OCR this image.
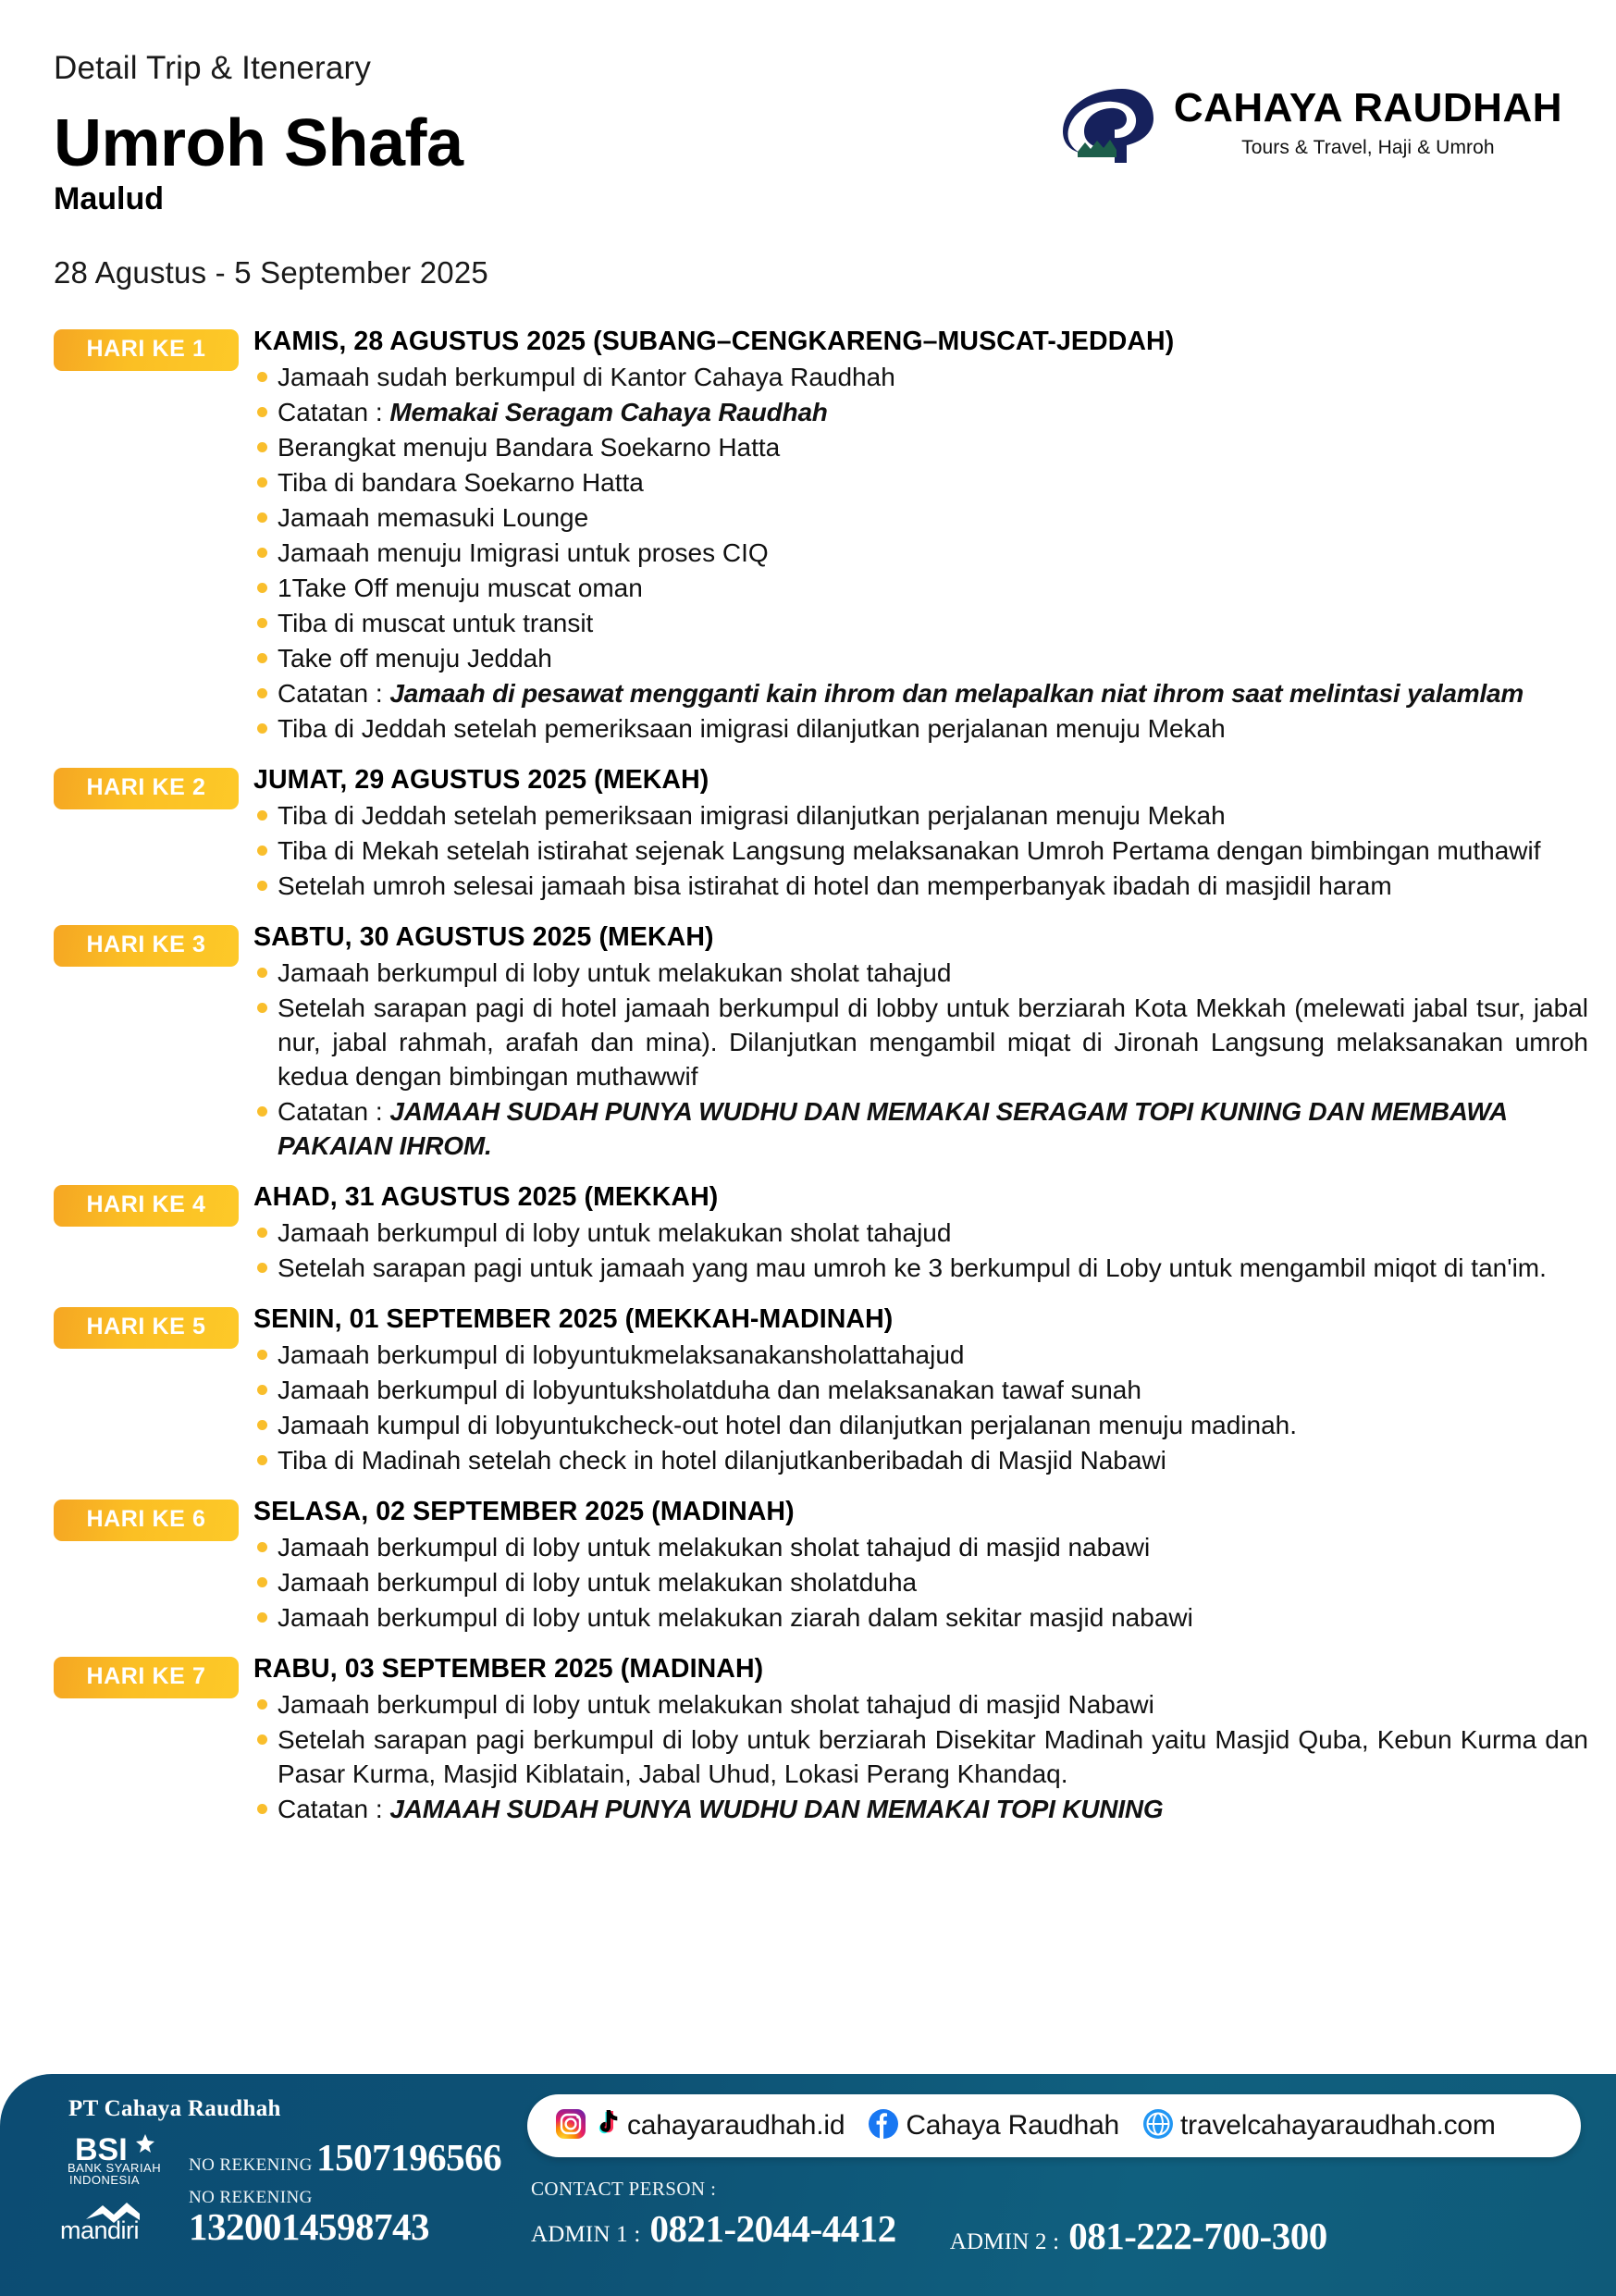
Detail Trip & Itenerary
Umroh Shafa
Maulud
28 Agustus - 5 September 2025
CAHAYA RAUDHAH
Tours & Travel, Haji & Umroh
HARI KE 1	KAMIS, 28 AGUSTUS 2025 (SUBANG–CENGKARENG–MUSCAT-JEDDAH)
Jamaah sudah berkumpul di Kantor Cahaya Raudhah
Catatan : Memakai Seragam Cahaya Raudhah
Berangkat menuju Bandara Soekarno Hatta
Tiba di bandara Soekarno Hatta
Jamaah memasuki Lounge
Jamaah menuju Imigrasi untuk proses CIQ
1Take Off menuju muscat oman
Tiba di muscat untuk transit
Take off menuju Jeddah
Catatan : Jamaah di pesawat mengganti kain ihrom dan melapalkan niat ihrom saat melintasi yalamlam
Tiba di Jeddah setelah pemeriksaan imigrasi dilanjutkan perjalanan menuju Mekah
HARI KE 2	JUMAT, 29 AGUSTUS 2025 (MEKAH)
Tiba di Jeddah setelah pemeriksaan imigrasi dilanjutkan perjalanan menuju Mekah
Tiba di Mekah setelah istirahat sejenak Langsung melaksanakan Umroh Pertama dengan bimbingan muthawif
Setelah umroh selesai jamaah bisa istirahat di hotel dan memperbanyak ibadah di masjidil haram
HARI KE 3	SABTU, 30 AGUSTUS 2025 (MEKAH)
Jamaah berkumpul di loby untuk melakukan sholat tahajud
Setelah sarapan pagi di hotel jamaah berkumpul di lobby untuk berziarah Kota Mekkah (melewati jabal tsur, jabal nur, jabal rahmah, arafah dan mina). Dilanjutkan mengambil miqat di Jironah Langsung melaksanakan umroh kedua dengan bimbingan muthawwif
Catatan : JAMAAH SUDAH PUNYA WUDHU DAN MEMAKAI SERAGAM TOPI KUNING DAN MEMBAWA PAKAIAN IHROM.
HARI KE 4	AHAD, 31 AGUSTUS 2025 (MEKKAH)
Jamaah berkumpul di loby untuk melakukan sholat tahajud
Setelah sarapan pagi untuk jamaah yang mau umroh ke 3 berkumpul di Loby untuk mengambil miqot di tan'im.
HARI KE 5	SENIN, 01 SEPTEMBER 2025 (MEKKAH-MADINAH)
Jamaah berkumpul di lobyuntukmelaksanakansholattahajud
Jamaah berkumpul di lobyuntuksholatduha dan melaksanakan tawaf sunah
Jamaah kumpul di lobyuntukcheck-out hotel dan dilanjutkan perjalanan menuju madinah.
Tiba di Madinah setelah check in hotel dilanjutkanberibadah di Masjid Nabawi
HARI KE 6	SELASA, 02 SEPTEMBER 2025 (MADINAH)
Jamaah berkumpul di loby untuk melakukan sholat tahajud di masjid nabawi
Jamaah berkumpul di loby untuk melakukan sholatduha
Jamaah berkumpul di loby untuk melakukan ziarah dalam sekitar masjid nabawi
HARI KE 7	RABU, 03 SEPTEMBER 2025 (MADINAH)
Jamaah berkumpul di loby untuk melakukan sholat tahajud di masjid Nabawi
Setelah sarapan pagi berkumpul di loby untuk berziarah Disekitar Madinah yaitu Masjid Quba, Kebun Kurma dan Pasar Kurma, Masjid Kiblatain, Jabal Uhud, Lokasi Perang Khandaq.
Catatan : JAMAAH SUDAH PUNYA WUDHU DAN MEMAKAI TOPI KUNING
PT Cahaya Raudhah
BSI
BANK SYARIAH
INDONESIA
NO REKENING 1507196566
mandiri
NO REKENING 1320014598743
cahayaraudhah.id Cahaya Raudhah travelcahayaraudhah.com
CONTACT PERSON :
ADMIN 1 : 0821-2044-4412 ADMIN 2 : 081-222-700-300
